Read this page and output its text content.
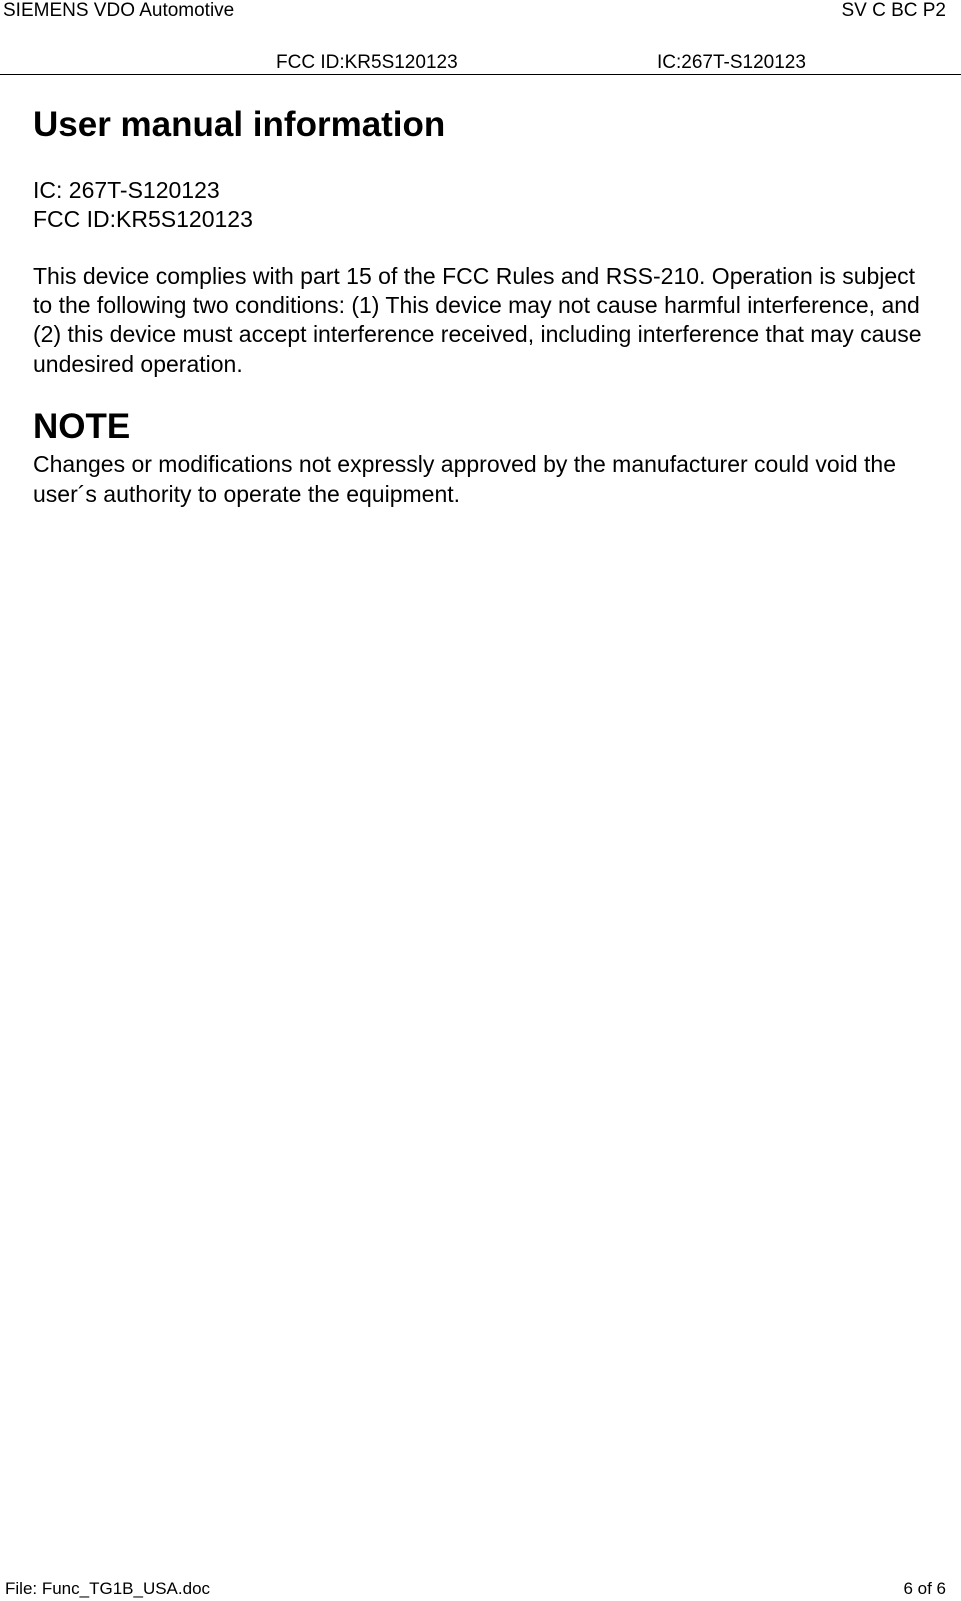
SIEMENS VDO Automotive	SV C BC P2
FCC ID:KR5S120123	IC:267T-S120123
User manual information
IC: 267T-S120123
FCC ID:KR5S120123

This device complies with part 15 of the FCC Rules and RSS-210. Operation is subject to the following two conditions: (1) This device may not cause harmful interference, and (2) this device must accept interference received, including interference that may cause undesired operation.

NOTE

Changes or modifications not expressly approved by the manufacturer could void the user´s authority to operate the equipment.

File: Func_TG1B_USA.doc	6 of 6
